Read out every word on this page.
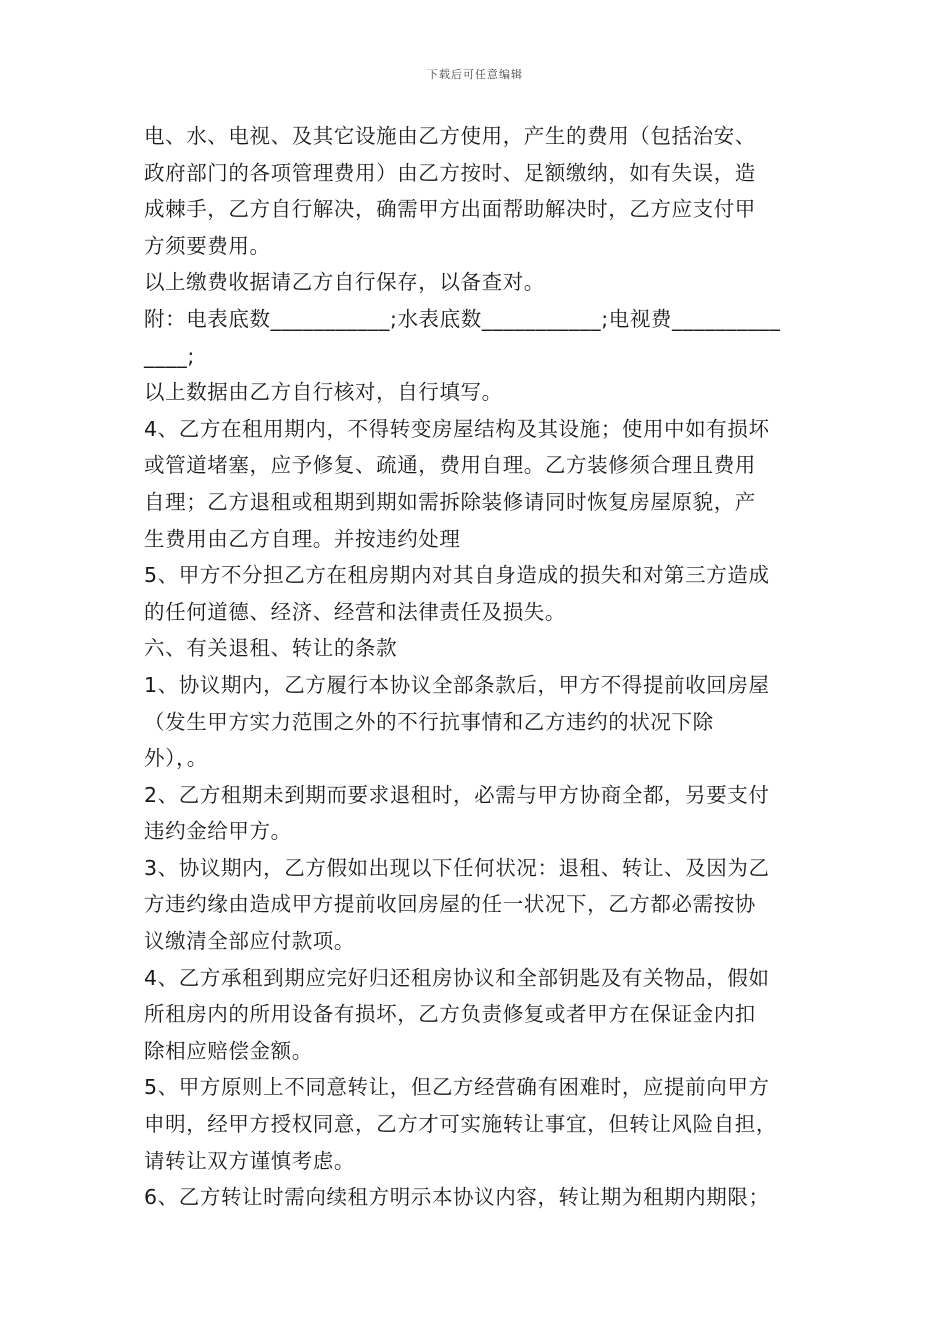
下载后可任意编辑
电、水、电视、及其它设施由乙方使用，产生的费用（包括治安、
政府部门的各项管理费用）由乙方按时、足额缴纳，如有失误，造
成棘手，乙方自行解决，确需甲方出面帮助解决时，乙方应支付甲
方须要费用。
以上缴费收据请乙方自行保存，以备查对。
附：电表底数___________;水表底数___________;电视费__________
____;
以上数据由乙方自行核对，自行填写。
4、乙方在租用期内，不得转变房屋结构及其设施；使用中如有损坏
或管道堵塞，应予修复、疏通，费用自理。乙方装修须合理且费用
自理；乙方退租或租期到期如需拆除装修请同时恢复房屋原貌，产
生费用由乙方自理。并按违约处理
5、甲方不分担乙方在租房期内对其自身造成的损失和对第三方造成
的任何道德、经济、经营和法律责任及损失。
六、有关退租、转让的条款
1、协议期内，乙方履行本协议全部条款后，甲方不得提前收回房屋
（发生甲方实力范围之外的不行抗事情和乙方违约的状况下除
外），。
2、乙方租期未到期而要求退租时，必需与甲方协商全都，另要支付
违约金给甲方。
3、协议期内，乙方假如出现以下任何状况：退租、转让、及因为乙
方违约缘由造成甲方提前收回房屋的任一状况下，乙方都必需按协
议缴清全部应付款项。
4、乙方承租到期应完好归还租房协议和全部钥匙及有关物品，假如
所租房内的所用设备有损坏，乙方负责修复或者甲方在保证金内扣
除相应赔偿金额。
5、甲方原则上不同意转让，但乙方经营确有困难时，应提前向甲方
申明，经甲方授权同意，乙方才可实施转让事宜，但转让风险自担，
请转让双方谨慎考虑。
6、乙方转让时需向续租方明示本协议内容，转让期为租期内期限；
